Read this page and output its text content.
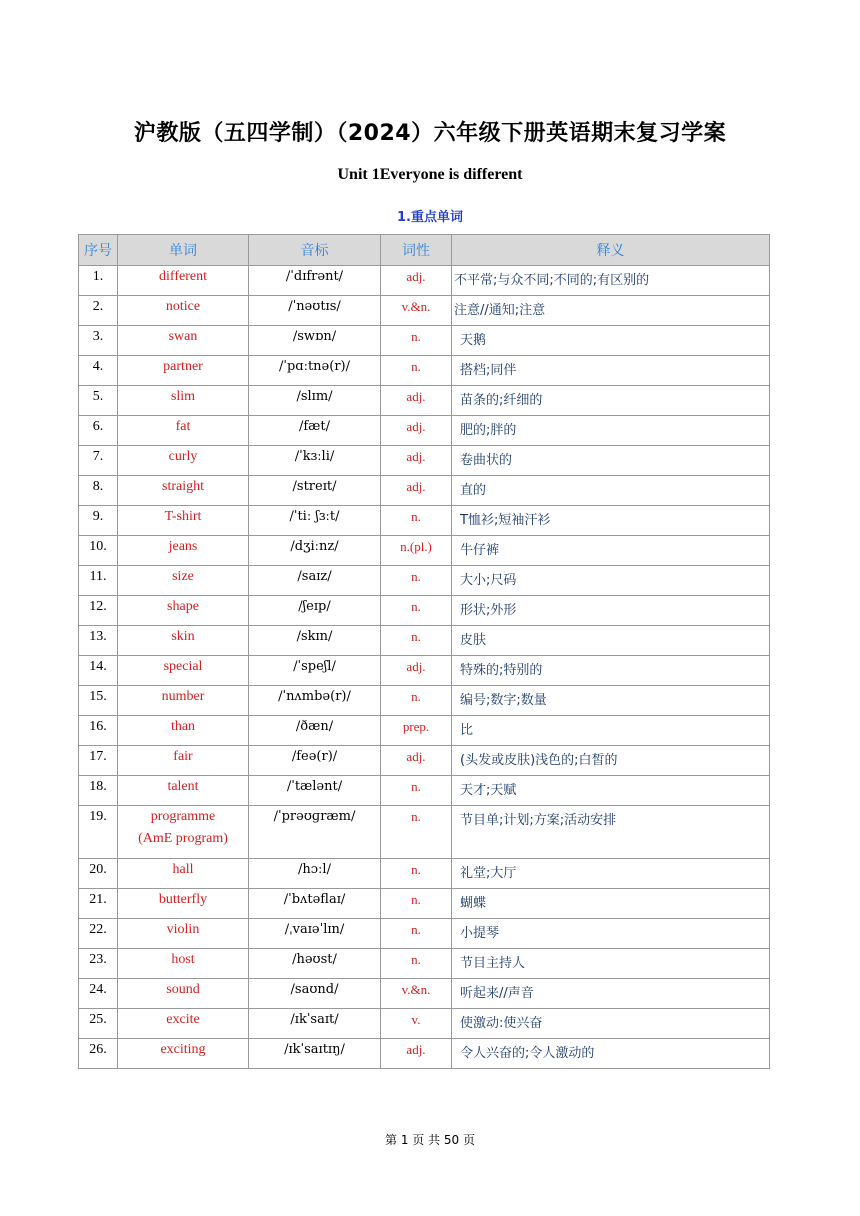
沪教版（五四学制）（2024）六年级下册英语期末复习学案
Unit 1Everyone is different
1.重点单词
序号	单词	音标	词性	释义

1.	different	/ˈdɪfrənt/	adj.	不平常;与众不同;不同的;有区别的

2.	notice	/ˈnəʊtɪs/	v.&n.	注意//通知;注意

3.	swan	/swɒn/	n.	天鹅

4.	partner	/ˈpɑːtnə(r)/	n.	搭档;同伴

5.	slim	/slɪm/	adj.	苗条的;纤细的

6.	fat	/fæt/	adj.	肥的;胖的

7.	curly	/ˈkɜːli/	adj.	卷曲状的

8.	straight	/streɪt/	adj.	直的

9.	T-shirt	/ˈtiː ʃɜːt/	n.	T恤衫;短袖汗衫

10.	jeans	/dʒiːnz/	n.(pl.)	牛仔裤

11.	size	/saɪz/	n.	大小;尺码

12.	shape	/ʃeɪp/	n.	形状;外形

13.	skin	/skɪn/	n.	皮肤

14.	special	/ˈspeʃl/	adj.	特殊的;特别的

15.	number	/ˈnʌmbə(r)/	n.	编号;数字;数量

16.	than	/ðæn/	prep.	比

17.	fair	/feə(r)/	adj.	(头发或皮肤)浅色的;白皙的

18.	talent	/ˈtælənt/	n.	天才;天赋

19.	programme
(AmE program)	/ˈprəʊɡræm/	n.	节目单;计划;方案;活动安排

20.	hall	/hɔːl/	n.	礼堂;大厅

21.	butterfly	/ˈbʌtəflaɪ/	n.	蝴蝶

22.	violin	/ˌvaɪəˈlɪn/	n.	小提琴

23.	host	/həʊst/	n.	节目主持人

24.	sound	/saʊnd/	v.&n.	听起来//声音

25.	excite	/ɪkˈsaɪt/	v.	使激动:使兴奋

26.	exciting	/ɪkˈsaɪtɪŋ/	adj.	令人兴奋的;令人激动的
第 1 页 共 50 页
